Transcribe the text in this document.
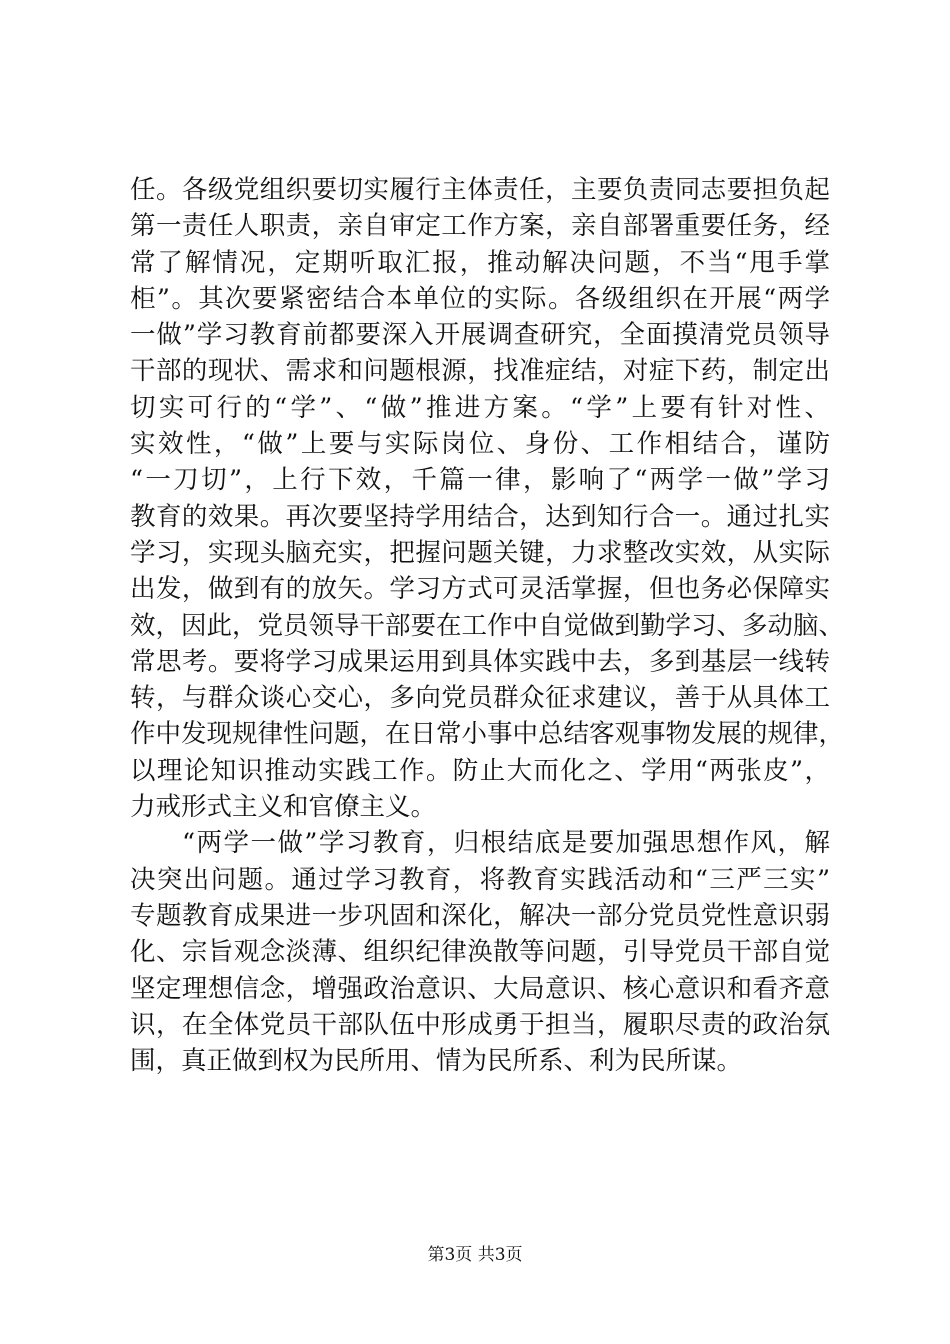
任。各级党组织要切实履行主体责任，主要负责同志要担负起
第一责任人职责，亲自审定工作方案，亲自部署重要任务，经
常了解情况，定期听取汇报，推动解决问题，不当“甩手掌
柜”。其次要紧密结合本单位的实际。各级组织在开展“两学
一做”学习教育前都要深入开展调查研究，全面摸清党员领导
干部的现状、需求和问题根源，找准症结，对症下药，制定出
切实可行的“学”、“做”推进方案。“学”上要有针对性、
实效性，“做”上要与实际岗位、身份、工作相结合，谨防
“一刀切”，上行下效，千篇一律，影响了“两学一做”学习
教育的效果。再次要坚持学用结合，达到知行合一。通过扎实
学习，实现头脑充实，把握问题关键，力求整改实效，从实际
出发，做到有的放矢。学习方式可灵活掌握，但也务必保障实
效，因此，党员领导干部要在工作中自觉做到勤学习、多动脑、
常思考。要将学习成果运用到具体实践中去，多到基层一线转
转，与群众谈心交心，多向党员群众征求建议，善于从具体工
作中发现规律性问题，在日常小事中总结客观事物发展的规律，
以理论知识推动实践工作。防止大而化之、学用“两张皮”，
力戒形式主义和官僚主义。
“两学一做”学习教育，归根结底是要加强思想作风，解
决突出问题。通过学习教育，将教育实践活动和“三严三实”
专题教育成果进一步巩固和深化，解决一部分党员党性意识弱
化、宗旨观念淡薄、组织纪律涣散等问题，引导党员干部自觉
坚定理想信念，增强政治意识、大局意识、核心意识和看齐意
识，在全体党员干部队伍中形成勇于担当，履职尽责的政治氛
围，真正做到权为民所用、情为民所系、利为民所谋。
第3页 共3页
